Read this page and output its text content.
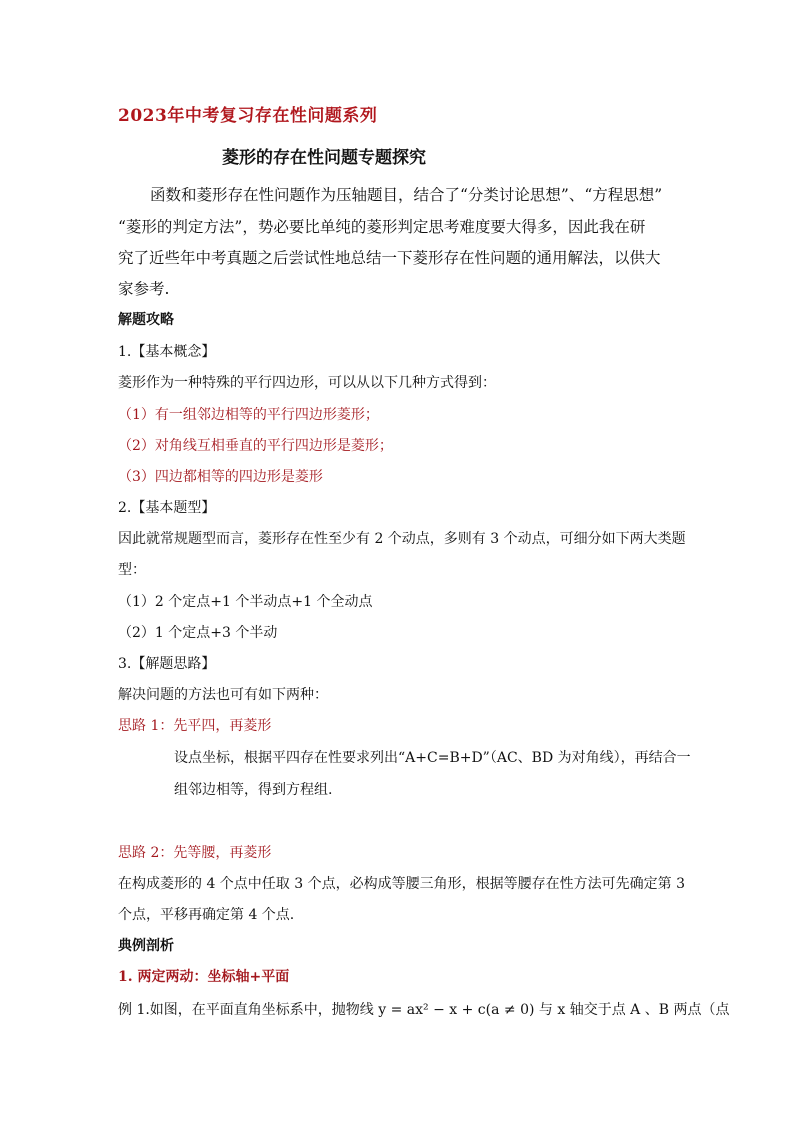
2023年中考复习存在性问题系列
菱形的存在性问题专题探究
函数和菱形存在性问题作为压轴题目，结合了“分类讨论思想”、“方程思想”
“菱形的判定方法”，势必要比单纯的菱形判定思考难度要大得多，因此我在研
究了近些年中考真题之后尝试性地总结一下菱形存在性问题的通用解法，以供大
家参考.
解题攻略
1.【基本概念】
菱形作为一种特殊的平行四边形，可以从以下几种方式得到：
（1）有一组邻边相等的平行四边形菱形；
（2）对角线互相垂直的平行四边形是菱形；
（3）四边都相等的四边形是菱形
2.【基本题型】
因此就常规题型而言，菱形存在性至少有 2 个动点，多则有 3 个动点，可细分如下两大类题
型：
（1）2 个定点+1 个半动点+1 个全动点
（2）1 个定点+3 个半动
3.【解题思路】
解决问题的方法也可有如下两种：
思路 1：先平四，再菱形
设点坐标，根据平四存在性要求列出“A+C=B+D”（AC、BD 为对角线），再结合一
组邻边相等，得到方程组.
思路 2：先等腰，再菱形
在构成菱形的 4 个点中任取 3 个点，必构成等腰三角形，根据等腰存在性方法可先确定第 3
个点，平移再确定第 4 个点.
典例剖析
1. 两定两动：坐标轴+平面
例 1.如图，在平面直角坐标系中，抛物线 y = ax² − x + c(a ≠ 0) 与 x 轴交于点 A 、B 两点（点
